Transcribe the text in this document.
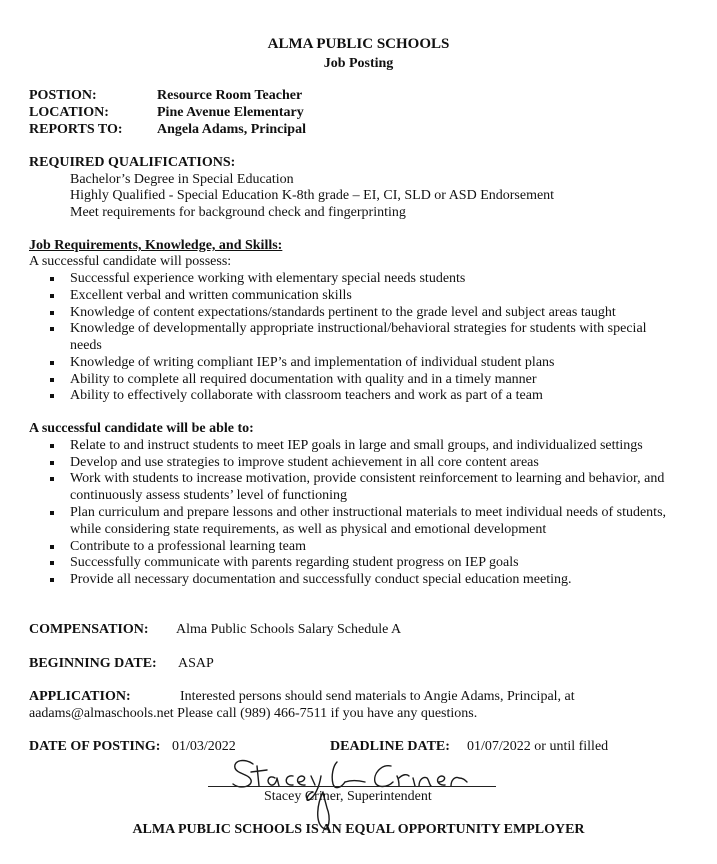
ALMA PUBLIC SCHOOLS
Job Posting
POSTION:	Resource Room Teacher
LOCATION:	Pine Avenue Elementary
REPORTS TO: Angela Adams, Principal
REQUIRED QUALIFICATIONS:
Bachelor’s Degree in Special Education
Highly Qualified - Special Education K-8th grade – EI, CI, SLD or ASD Endorsement
Meet requirements for background check and fingerprinting
Job Requirements, Knowledge, and Skills:
A successful candidate will possess:
Successful experience working with elementary special needs students
Excellent verbal and written communication skills
Knowledge of content expectations/standards pertinent to the grade level and subject areas taught
Knowledge of developmentally appropriate instructional/behavioral strategies for students with special needs
Knowledge of writing compliant IEP’s and implementation of individual student plans
Ability to complete all required documentation with quality and in a timely manner
Ability to effectively collaborate with classroom teachers and work as part of a team
A successful candidate will be able to:
Relate to and instruct students to meet IEP goals in large and small groups, and individualized settings
Develop and use strategies to improve student achievement in all core content areas
Work with students to increase motivation, provide consistent reinforcement to learning and behavior, and continuously assess students’ level of functioning
Plan curriculum and prepare lessons and other instructional materials to meet individual needs of students, while considering state requirements, as well as physical and emotional development
Contribute to a professional learning team
Successfully communicate with parents regarding student progress on IEP goals
Provide all necessary documentation and successfully conduct special education meeting.
COMPENSATION: Alma Public Schools Salary Schedule A
BEGINNING DATE: ASAP
APPLICATION:	Interested persons should send materials to Angie Adams, Principal, at
aadams@almaschools.net Please call (989) 466-7511 if you have any questions.
DATE OF POSTING: 01/03/2022	DEADLINE DATE: 01/07/2022 or until filled
Stacey Criner, Superintendent
ALMA PUBLIC SCHOOLS IS AN EQUAL OPPORTUNITY EMPLOYER
